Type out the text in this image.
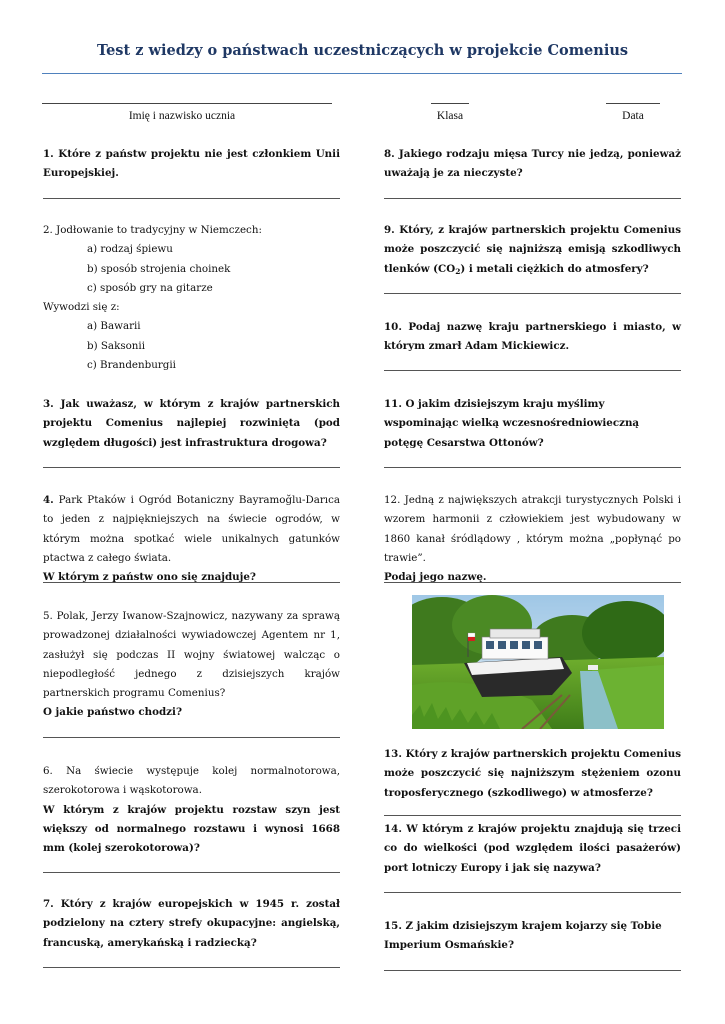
Test z wiedzy o państwach uczestniczących w projekcie Comenius
Imię i nazwisko ucznia	Klasa	Data
1. Które z państw projektu nie jest członkiem Unii Europejskiej.
2. Jodłowanie to tradycyjny w Niemczech:
a) rodzaj śpiewu
b) sposób strojenia choinek
c) sposób gry na gitarze
Wywodzi się z:
a) Bawarii
b) Saksonii
c) Brandenburgii
3. Jak uważasz, w którym z krajów partnerskich projektu Comenius najlepiej rozwinięta (pod względem długości) jest infrastruktura drogowa?
4. Park Ptaków i Ogród Botaniczny Bayramoğlu-Darıca to jeden z najpiękniejszych na świecie ogrodów, w którym można spotkać wiele unikalnych gatunków ptactwa z całego świata.
W którym z państw ono się znajduje?
5. Polak, Jerzy Iwanow-Szajnowicz, nazywany za sprawą prowadzonej działalności wywiadowczej Agentem nr 1, zasłużył się podczas II wojny światowej walcząc o niepodległość jednego z dzisiejszych krajów partnerskich programu Comenius?
O jakie państwo chodzi?
6. Na świecie występuje kolej normalnotorowa, szerokotorowa i wąskotorowa.
W którym z krajów projektu rozstaw szyn jest większy od normalnego rozstawu i wynosi 1668 mm (kolej szerokotorowa)?
7. Który z krajów europejskich w 1945 r. został podzielony na cztery strefy okupacyjne: angielską, francuską, amerykańską i radziecką?
8. Jakiego rodzaju mięsa Turcy nie jedzą, ponieważ uważają je za nieczyste?
9. Który, z krajów partnerskich projektu Comenius może poszczycić się najniższą emisją szkodliwych tlenków $(CO_2)$ i metali ciężkich do atmosfery?
10. Podaj nazwę kraju partnerskiego i miasto, w którym zmarł Adam Mickiewicz.
11. O jakim dzisiejszym kraju myślimy wspominając wielką wczesnośredniowieczną potęgę Cesarstwa Ottonów?
12. Jedną z największych atrakcji turystycznych Polski i wzorem harmonii z człowiekiem jest wybudowany w 1860 kanał śródlądowy , którym można „popłynąć po trawie”.
Podaj jego nazwę.
13. Który z krajów partnerskich projektu Comenius może poszczycić się najniższym stężeniem ozonu troposferycznego (szkodliwego) w atmosferze?
14. W którym z krajów projektu znajdują się trzeci co do wielkości (pod względem ilości pasażerów) port lotniczy Europy i jak się nazywa?
15. Z jakim dzisiejszym krajem kojarzy się Tobie Imperium Osmańskie?
